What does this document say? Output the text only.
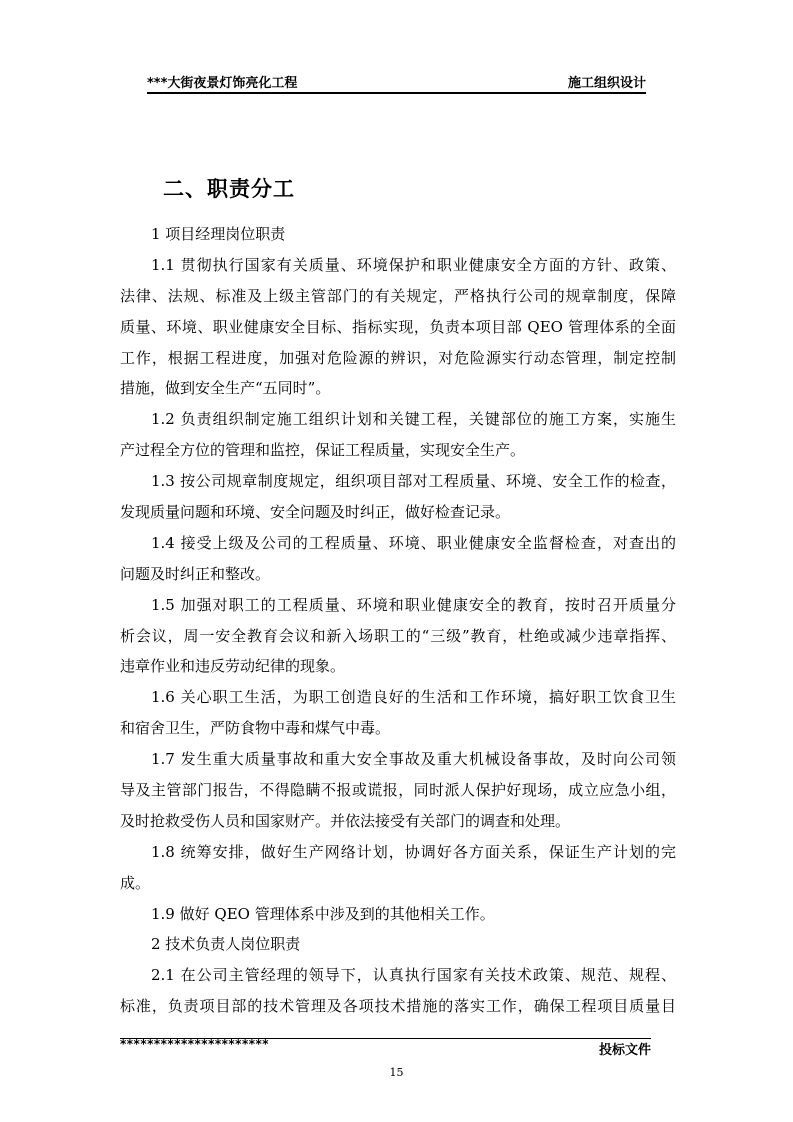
***大街夜景灯饰亮化工程	施工组织设计
二、职责分工
1 项目经理岗位职责
1.1 贯彻执行国家有关质量、环境保护和职业健康安全方面的方针、政策、
法律、法规、标准及上级主管部门的有关规定，严格执行公司的规章制度，保障
质量、环境、职业健康安全目标、指标实现，负责本项目部 QEO 管理体系的全面
工作，根据工程进度，加强对危险源的辨识，对危险源实行动态管理，制定控制
措施，做到安全生产“五同时”。
1.2 负责组织制定施工组织计划和关键工程，关键部位的施工方案，实施生
产过程全方位的管理和监控，保证工程质量，实现安全生产。
1.3 按公司规章制度规定，组织项目部对工程质量、环境、安全工作的检查，
发现质量问题和环境、安全问题及时纠正，做好检查记录。
1.4 接受上级及公司的工程质量、环境、职业健康安全监督检查，对查出的
问题及时纠正和整改。
1.5 加强对职工的工程质量、环境和职业健康安全的教育，按时召开质量分
析会议，周一安全教育会议和新入场职工的“三级”教育，杜绝或减少违章指挥、
违章作业和违反劳动纪律的现象。
1.6 关心职工生活，为职工创造良好的生活和工作环境，搞好职工饮食卫生
和宿舍卫生，严防食物中毒和煤气中毒。
1.7 发生重大质量事故和重大安全事故及重大机械设备事故，及时向公司领
导及主管部门报告，不得隐瞒不报或谎报，同时派人保护好现场，成立应急小组，
及时抢救受伤人员和国家财产。并依法接受有关部门的调查和处理。
1.8 统筹安排，做好生产网络计划，协调好各方面关系，保证生产计划的完
成。
1.9 做好 QEO 管理体系中涉及到的其他相关工作。
2 技术负责人岗位职责
2.1 在公司主管经理的领导下，认真执行国家有关技术政策、规范、规程、
标准，负责项目部的技术管理及各项技术措施的落实工作，确保工程项目质量目
**********************	投标文件
15
